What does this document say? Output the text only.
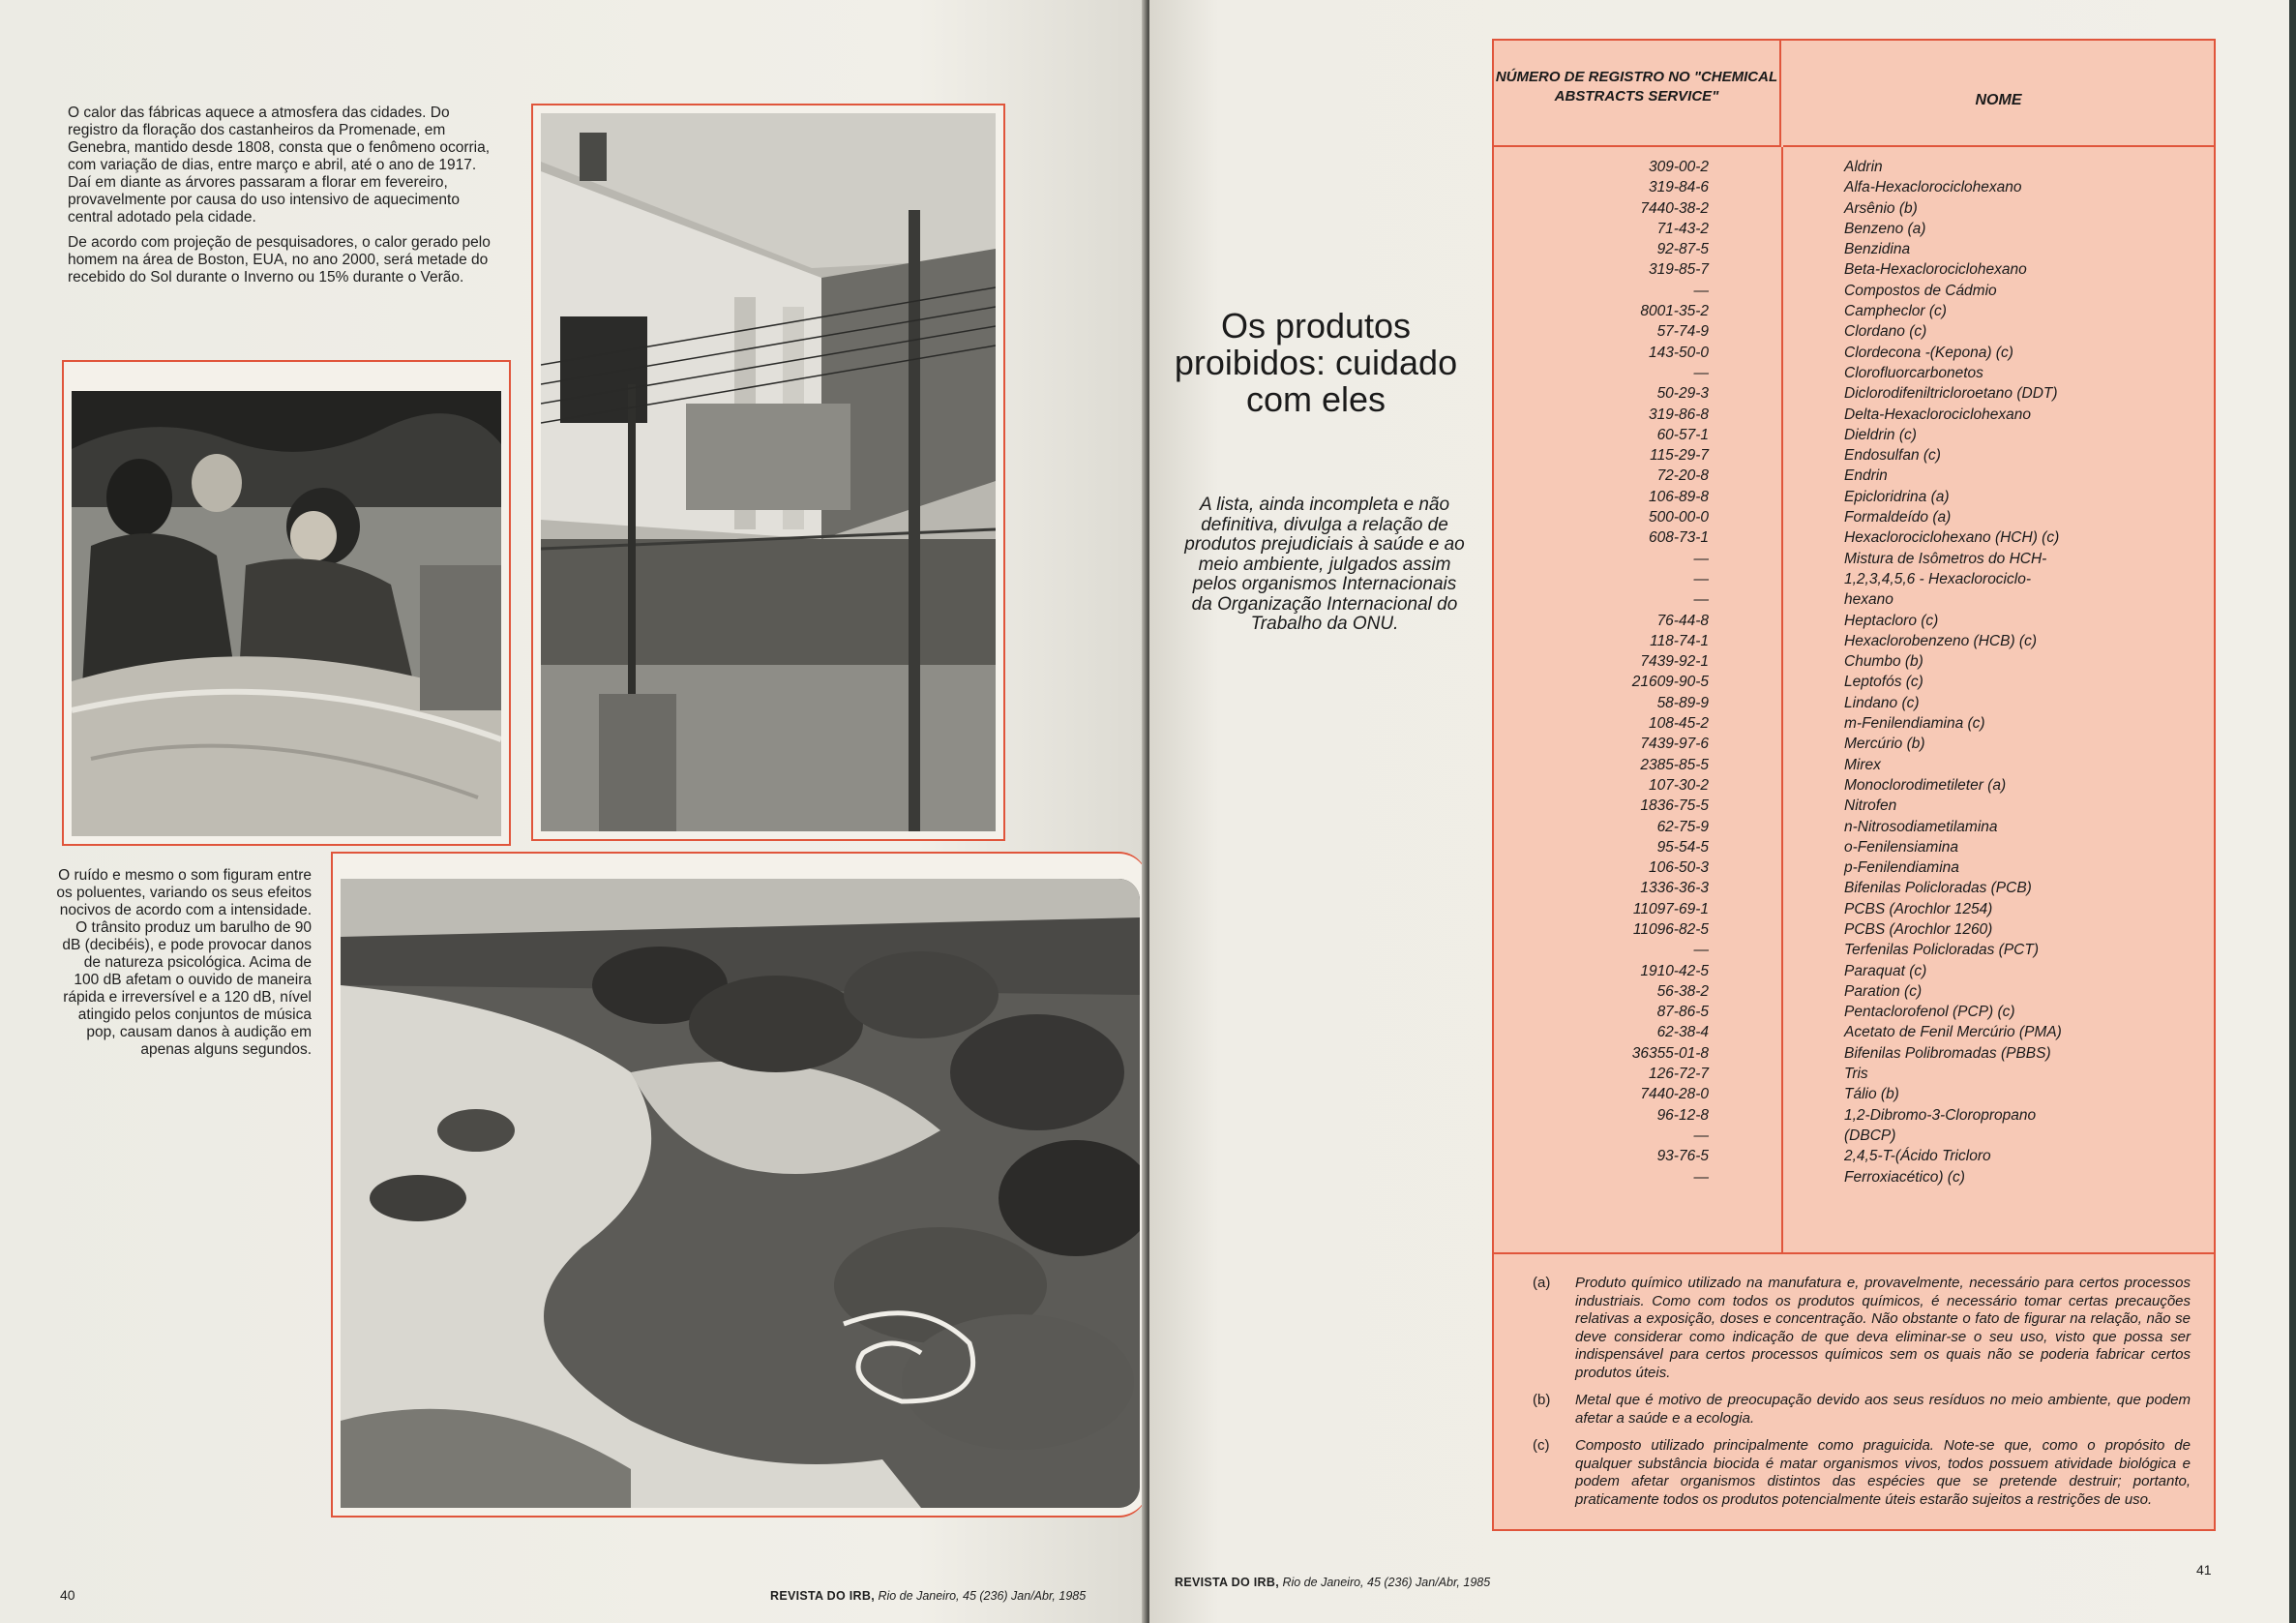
O calor das fábricas aquece a atmosfera das cidades. Do registro da floração dos castanheiros da Promenade, em Genebra, mantido desde 1808, consta que o fenômeno ocorria, com variação de dias, entre março e abril, até o ano de 1917. Daí em diante as árvores passaram a florar em fevereiro, provavelmente por causa do uso intensivo de aquecimento central adotado pela cidade.

De acordo com projeção de pesquisadores, o calor gerado pelo homem na área de Boston, EUA, no ano 2000, será metade do recebido do Sol durante o Inverno ou 15% durante o Verão.

O ruído e mesmo o som figuram entre os poluentes, variando os seus efeitos nocivos de acordo com a intensidade. O trânsito produz um barulho de 90 dB (decibéis), e pode provocar danos de natureza psicológica. Acima de 100 dB afetam o ouvido de maneira rápida e irreversível e a 120 dB, nível atingido pelos conjuntos de música pop, causam danos à audição em apenas alguns segundos.

40	REVISTA DO IRB, Rio de Janeiro, 45 (236) Jan/Abr, 1985
REVISTA DO IRB, Rio de Janeiro, 45 (236) Jan/Abr, 1985
41
Os produtos proibidos: cuidado com eles
A lista, ainda incompleta e não definitiva, divulga a relação de produtos prejudiciais à saúde e ao meio ambiente, julgados assim pelos organismos Internacionais da Organização Internacional do Trabalho da ONU.
NÚMERO DE REGISTRO NO "CHEMICAL ABSTRACTS SERVICE"	NOME
309-00-2	Aldrin
319-84-6	Alfa-Hexaclorociclohexano
7440-38-2	Arsênio (b)
71-43-2	Benzeno (a)
92-87-5	Benzidina
319-85-7	Beta-Hexaclorociclohexano
—	Compostos de Cádmio
8001-35-2	Campheclor (c)
57-74-9	Clordano (c)
143-50-0	Clordecona -(Kepona) (c)
—	Clorofluorcarbonetos
50-29-3	Diclorodifeniltricloroetano (DDT)
319-86-8	Delta-Hexaclorociclohexano
60-57-1	Dieldrin (c)
115-29-7	Endosulfan (c)
72-20-8	Endrin
106-89-8	Epicloridrina (a)
500-00-0	Formaldeído (a)
608-73-1	Hexaclorociclohexano (HCH) (c)
—	Mistura de Isômetros do HCH-
—	1,2,3,4,5,6 - Hexaclorociclo-
—	hexano
76-44-8	Heptacloro (c)
118-74-1	Hexaclorobenzeno (HCB) (c)
7439-92-1	Chumbo (b)
21609-90-5	Leptofós (c)
58-89-9	Lindano (c)
108-45-2	m-Fenilendiamina (c)
7439-97-6	Mercúrio (b)
2385-85-5	Mirex
107-30-2	Monoclorodimetileter (a)
1836-75-5	Nitrofen
62-75-9	n-Nitrosodiametilamina
95-54-5	o-Fenilensiamina
106-50-3	p-Fenilendiamina
1336-36-3	Bifenilas Policloradas (PCB)
11097-69-1	PCBS (Arochlor 1254)
11096-82-5	PCBS (Arochlor 1260)
—	Terfenilas Policloradas (PCT)
1910-42-5	Paraquat (c)
56-38-2	Paration (c)
87-86-5	Pentaclorofenol (PCP) (c)
62-38-4	Acetato de Fenil Mercúrio (PMA)
36355-01-8	Bifenilas Polibromadas (PBBS)
126-72-7	Tris
7440-28-0	Tálio (b)
96-12-8	1,2-Dibromo-3-Cloropropano
—	(DBCP)
93-76-5	2,4,5-T-(Ácido Tricloro
—	Ferroxiacético) (c)
(a) Produto químico utilizado na manufatura e, provavelmente, necessário para certos processos industriais. Como com todos os produtos químicos, é necessário tomar certas precauções relativas a exposição, doses e concentração. Não obstante o fato de figurar na relação, não se deve considerar como indicação de que deva eliminar-se o seu uso, visto que possa ser indispensável para certos processos químicos sem os quais não se poderia fabricar certos produtos úteis.
(b) Metal que é motivo de preocupação devido aos seus resíduos no meio ambiente, que podem afetar a saúde e a ecologia.
(c) Composto utilizado principalmente como praguicida. Note-se que, como o propósito de qualquer substância biocida é matar organismos vivos, todos possuem atividade biológica e podem afetar organismos distintos das espécies que se pretende destruir; portanto, praticamente todos os produtos potencialmente úteis estarão sujeitos a restrições de uso.
